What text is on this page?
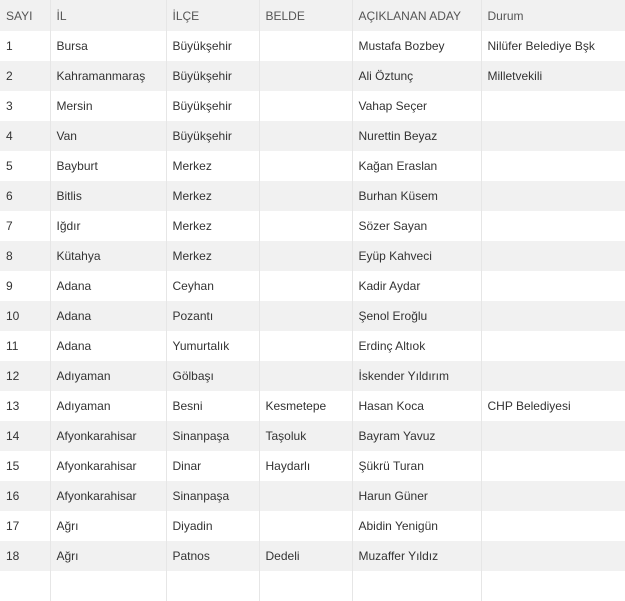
SAYI	İL	İLÇE	BELDE	AÇIKLANAN ADAY	Durum
1	Bursa	Büyükşehir		Mustafa Bozbey	Nilüfer Belediye Bşk
2	Kahramanmaraş	Büyükşehir		Ali Öztunç	Milletvekili
3	Mersin	Büyükşehir		Vahap Seçer	
4	Van	Büyükşehir		Nurettin Beyaz	
5	Bayburt	Merkez		Kağan Eraslan	
6	Bitlis	Merkez		Burhan Küsem	
7	Iğdır	Merkez		Sözer Sayan	
8	Kütahya	Merkez		Eyüp Kahveci	
9	Adana	Ceyhan		Kadir Aydar	
10	Adana	Pozantı		Şenol Eroğlu	
11	Adana	Yumurtalık		Erdinç Altıok	
12	Adıyaman	Gölbaşı		İskender Yıldırım	
13	Adıyaman	Besni	Kesmetepe	Hasan Koca	CHP Belediyesi
14	Afyonkarahisar	Sinanpaşa	Taşoluk	Bayram Yavuz	
15	Afyonkarahisar	Dinar	Haydarlı	Şükrü Turan	
16	Afyonkarahisar	Sinanpaşa		Harun Güner	
17	Ağrı	Diyadin		Abidin Yenigün	
18	Ağrı	Patnos	Dedeli	Muzaffer Yıldız	
